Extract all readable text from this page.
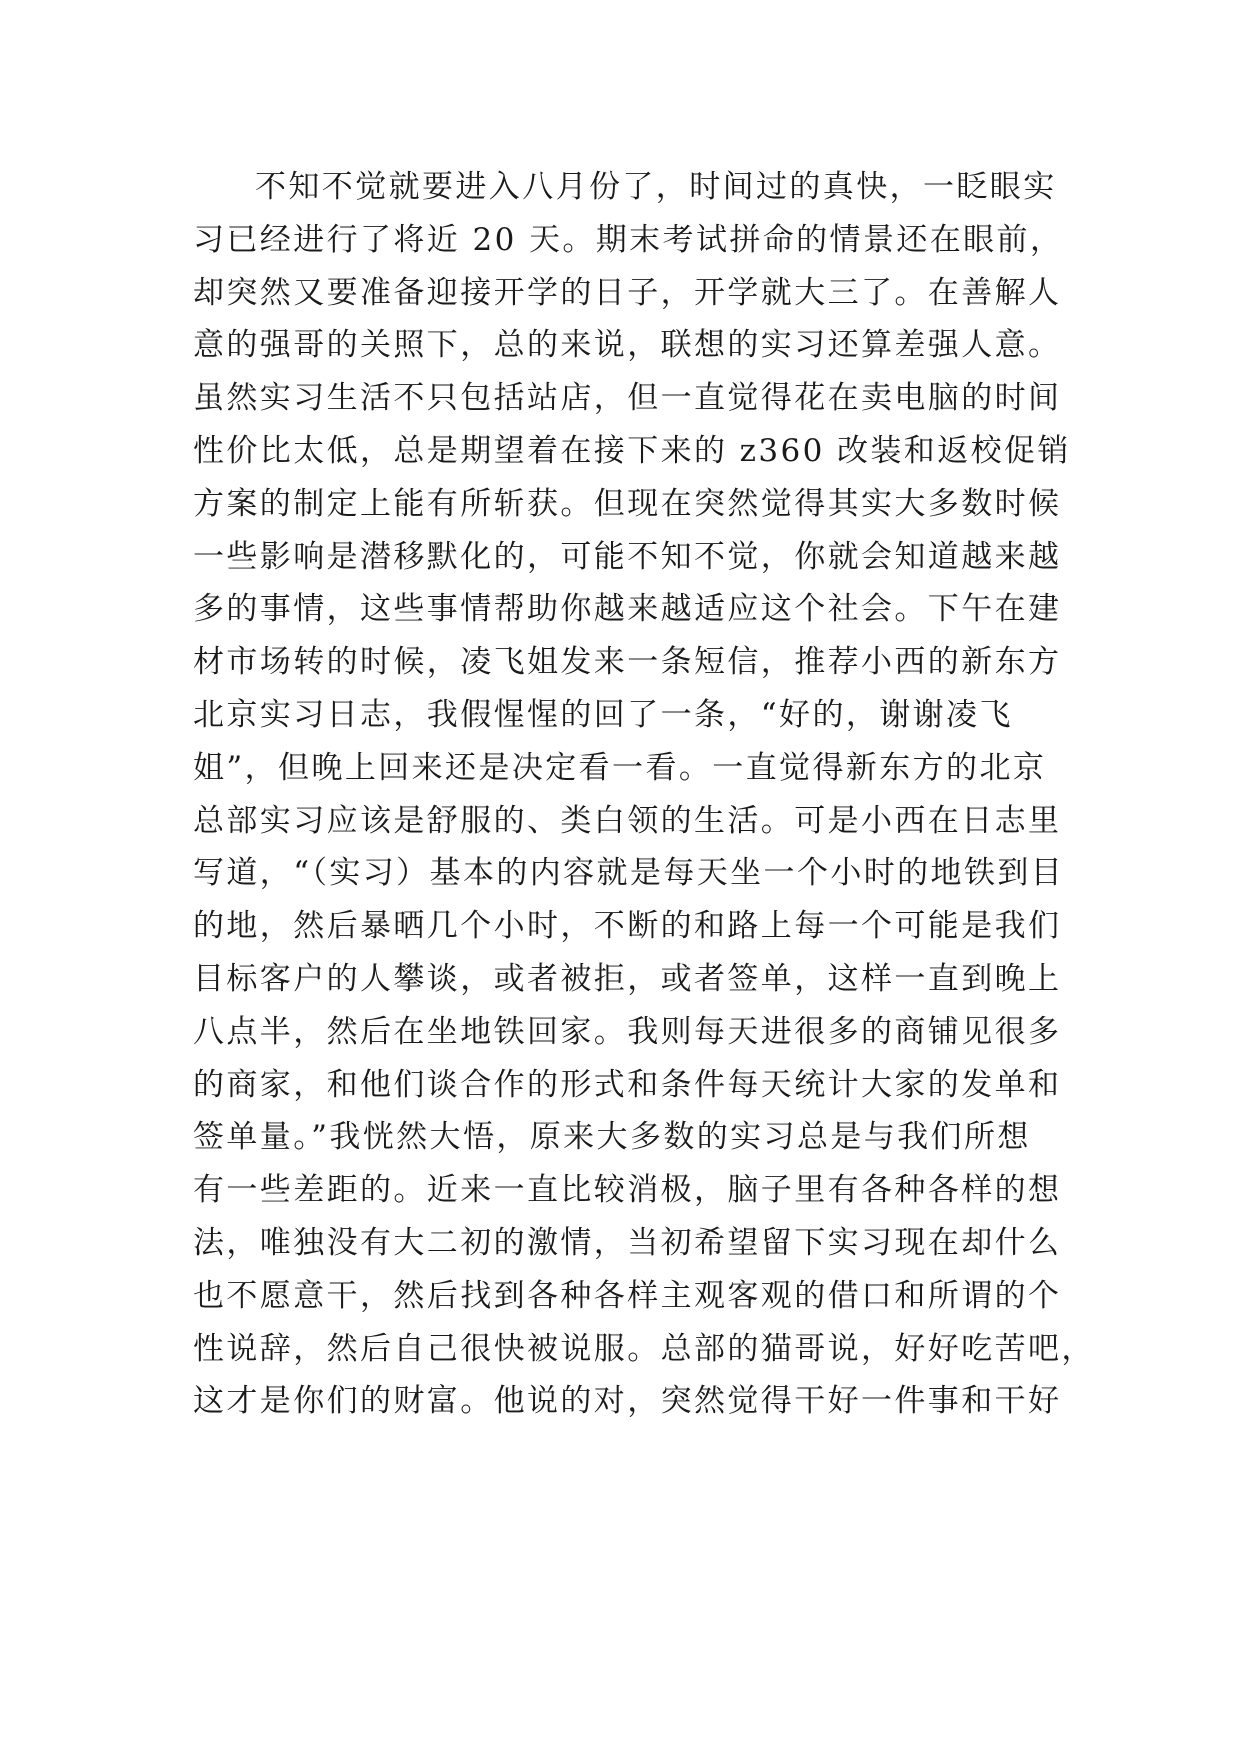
不知不觉就要进入八月份了，时间过的真快，一眨眼实
习已经进行了将近 20 天。期末考试拼命的情景还在眼前，
却突然又要准备迎接开学的日子，开学就大三了。在善解人
意的强哥的关照下，总的来说，联想的实习还算差强人意。
虽然实习生活不只包括站店，但一直觉得花在卖电脑的时间
性价比太低，总是期望着在接下来的 z360 改装和返校促销
方案的制定上能有所斩获。但现在突然觉得其实大多数时候
一些影响是潜移默化的，可能不知不觉，你就会知道越来越
多的事情，这些事情帮助你越来越适应这个社会。下午在建
材市场转的时候，凌飞姐发来一条短信，推荐小西的新东方
北京实习日志，我假惺惺的回了一条，“好的，谢谢凌飞
姐”，但晚上回来还是决定看一看。一直觉得新东方的北京
总部实习应该是舒服的、类白领的生活。可是小西在日志里
写道，“（实习）基本的内容就是每天坐一个小时的地铁到目
的地，然后暴晒几个小时，不断的和路上每一个可能是我们
目标客户的人攀谈，或者被拒，或者签单，这样一直到晚上
八点半，然后在坐地铁回家。我则每天进很多的商铺见很多
的商家，和他们谈合作的形式和条件每天统计大家的发单和
签单量。”我恍然大悟，原来大多数的实习总是与我们所想
有一些差距的。近来一直比较消极，脑子里有各种各样的想
法，唯独没有大二初的激情，当初希望留下实习现在却什么
也不愿意干，然后找到各种各样主观客观的借口和所谓的个
性说辞，然后自己很快被说服。总部的猫哥说，好好吃苦吧，
这才是你们的财富。他说的对，突然觉得干好一件事和干好
